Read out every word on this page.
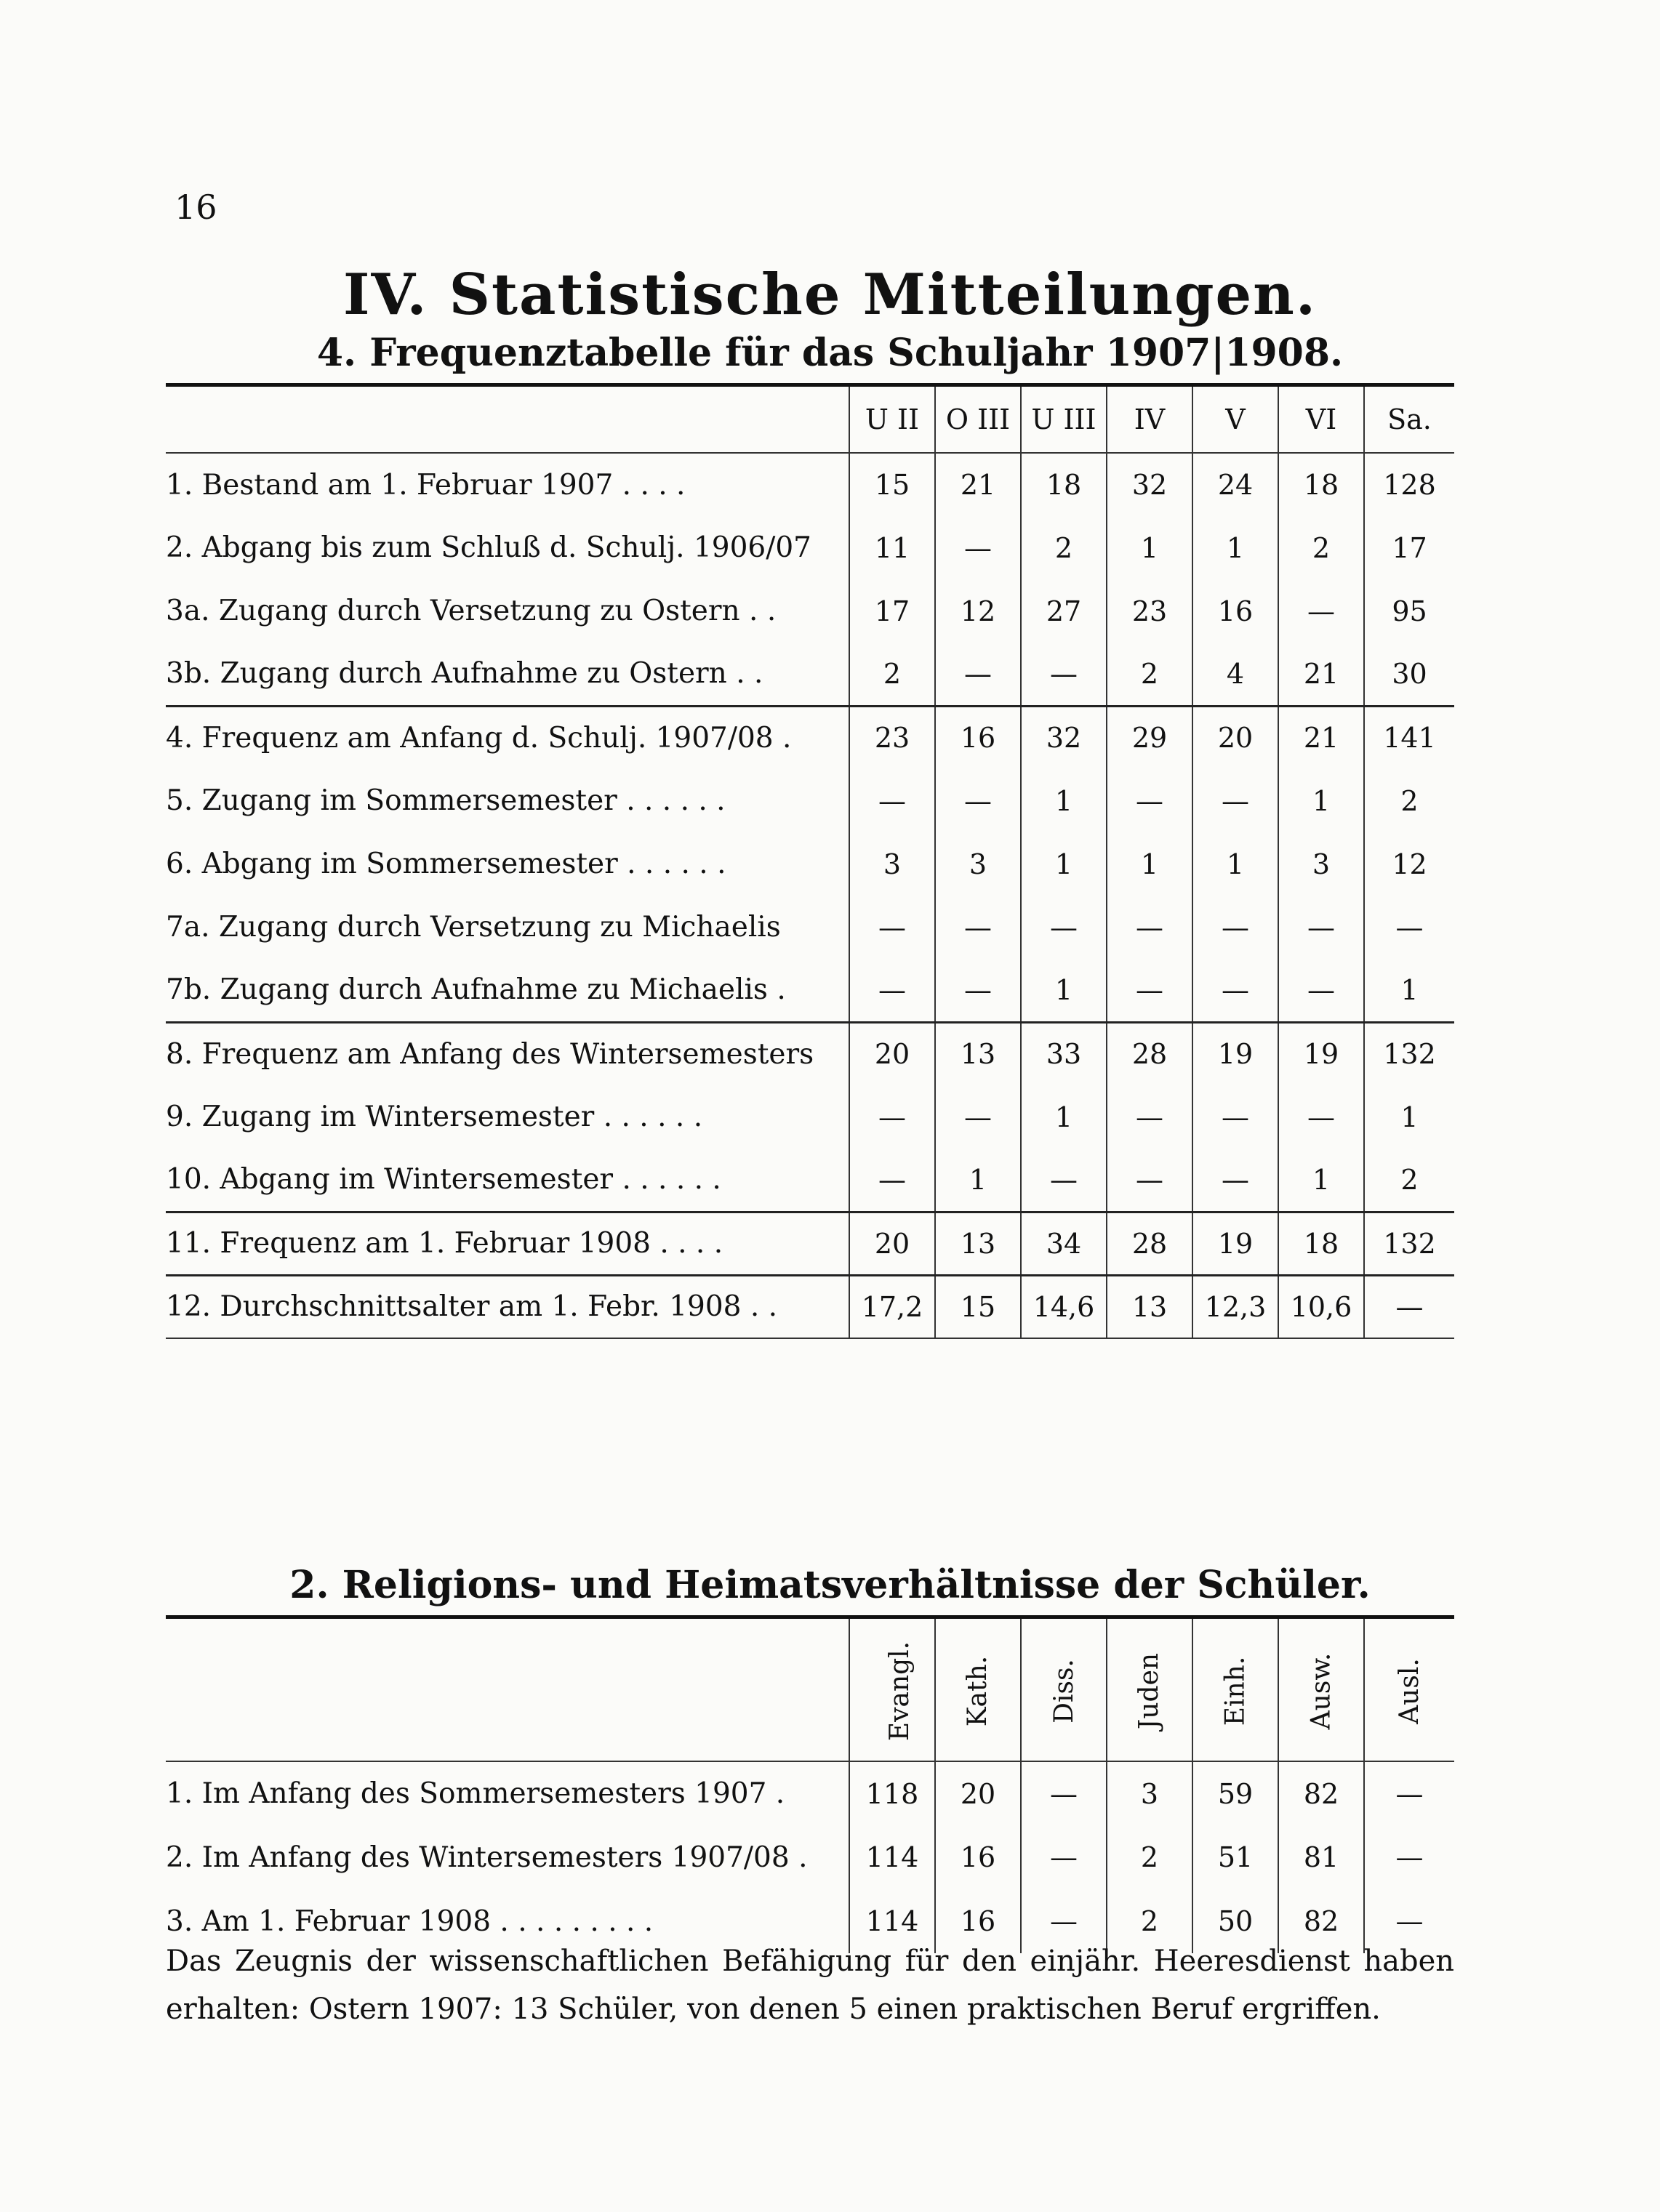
16
IV. Statistische Mitteilungen.
4. Frequenztabelle für das Schuljahr 1907|1908.
	U II	O III	U III	IV	V	VI	Sa.
1. Bestand am 1. Februar 1907 . . . .	15	21	18	32	24	18	128
2. Abgang bis zum Schluß d. Schulj. 1906/07	11	—	2	1	1	2	17
3a. Zugang durch Versetzung zu Ostern . .	17	12	27	23	16	—	95
3b. Zugang durch Aufnahme zu Ostern . .	2	—	—	2	4	21	30
4. Frequenz am Anfang d. Schulj. 1907/08 .	23	16	32	29	20	21	141
5. Zugang im Sommersemester . . . . . .	—	—	1	—	—	1	2
6. Abgang im Sommersemester . . . . . .	3	3	1	1	1	3	12
7a. Zugang durch Versetzung zu Michaelis	—	—	—	—	—	—	—
7b. Zugang durch Aufnahme zu Michaelis .	—	—	1	—	—	—	1
8. Frequenz am Anfang des Wintersemesters	20	13	33	28	19	19	132
9. Zugang im Wintersemester . . . . . .	—	—	1	—	—	—	1
10. Abgang im Wintersemester . . . . . .	—	1	—	—	—	1	2
11. Frequenz am 1. Februar 1908 . . . .	20	13	34	28	19	18	132
12. Durchschnittsalter am 1. Febr. 1908 . .	17,2	15	14,6	13	12,3	10,6	—
2. Religions- und Heimatsverhältnisse der Schüler.
	Evangl.	Kath.	Diss.	Juden	Einh.	Ausw.	Ausl.
1. Im Anfang des Sommersemesters 1907 .	118	20	—	3	59	82	—
2. Im Anfang des Wintersemesters 1907/08 .	114	16	—	2	51	81	—
3. Am 1. Februar 1908 . . . . . . . . .	114	16	—	2	50	82	—
Das Zeugnis der wissenschaftlichen Befähigung für den einjähr. Heeresdienst haben erhalten: Ostern 1907: 13 Schüler, von denen 5 einen praktischen Beruf ergriffen.
